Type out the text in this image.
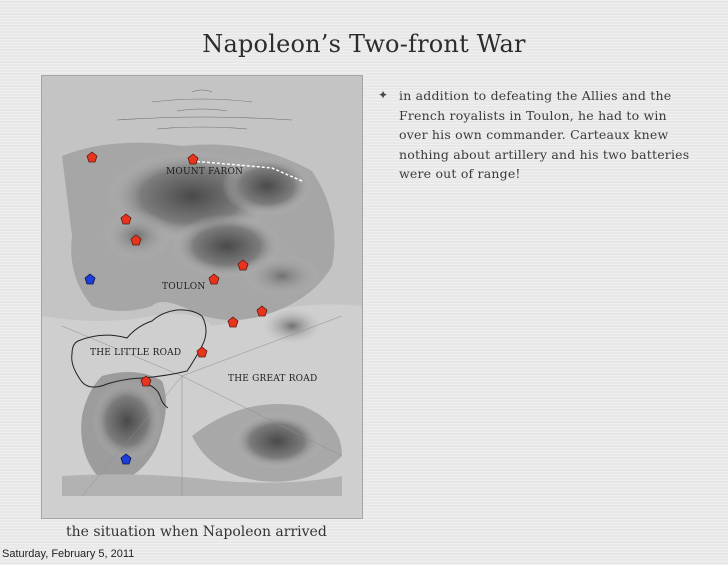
Napoleon’s Two-front War
MOUNT FARON
TOULON
THE LITTLE ROAD
THE GREAT ROAD
✦ in addition to defeating the Allies and the French royalists in Toulon, he had to win over his own commander. Carteaux knew nothing about artillery and his two batteries were out of range!
the situation when Napoleon arrived
Saturday, February 5, 2011
